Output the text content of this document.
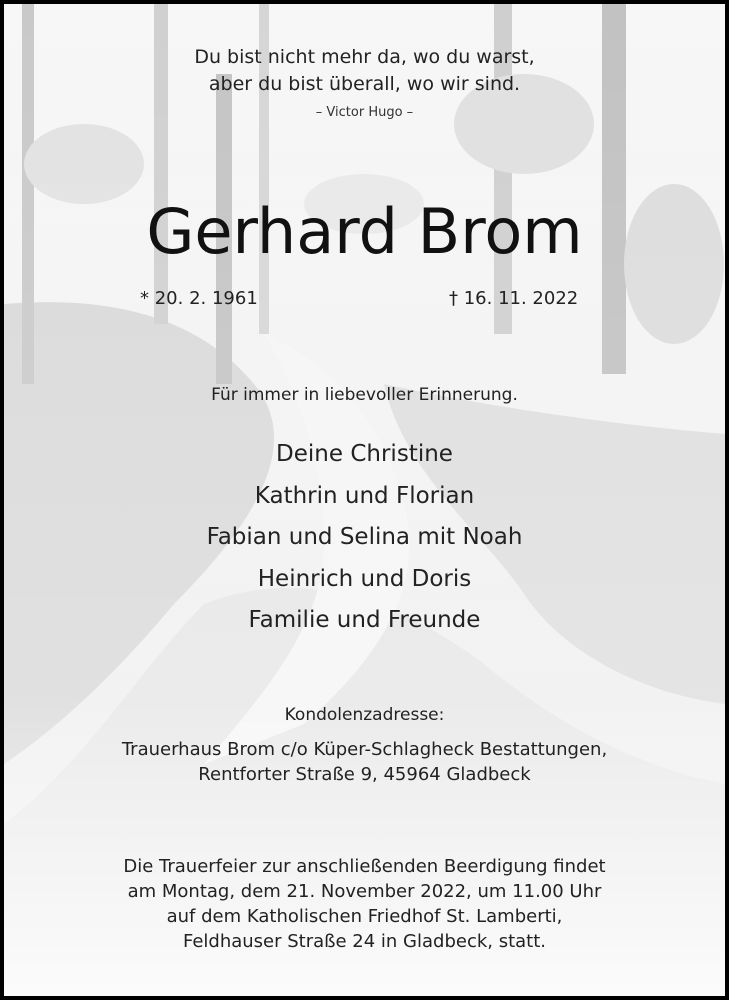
Du bist nicht mehr da, wo du warst,
aber du bist überall, wo wir sind.
– Victor Hugo –
Gerhard Brom
* 20. 2. 1961	† 16. 11. 2022
Für immer in liebevoller Erinnerung.
Deine Christine
Kathrin und Florian
Fabian und Selina mit Noah
Heinrich und Doris
Familie und Freunde
Kondolenzadresse:
Trauerhaus Brom c/o Küper-Schlagheck Bestattungen,
Rentforter Straße 9, 45964 Gladbeck
Die Trauerfeier zur anschließenden Beerdigung findet
am Montag, dem 21. November 2022, um 11.00 Uhr
auf dem Katholischen Friedhof St. Lamberti,
Feldhauser Straße 24 in Gladbeck, statt.
